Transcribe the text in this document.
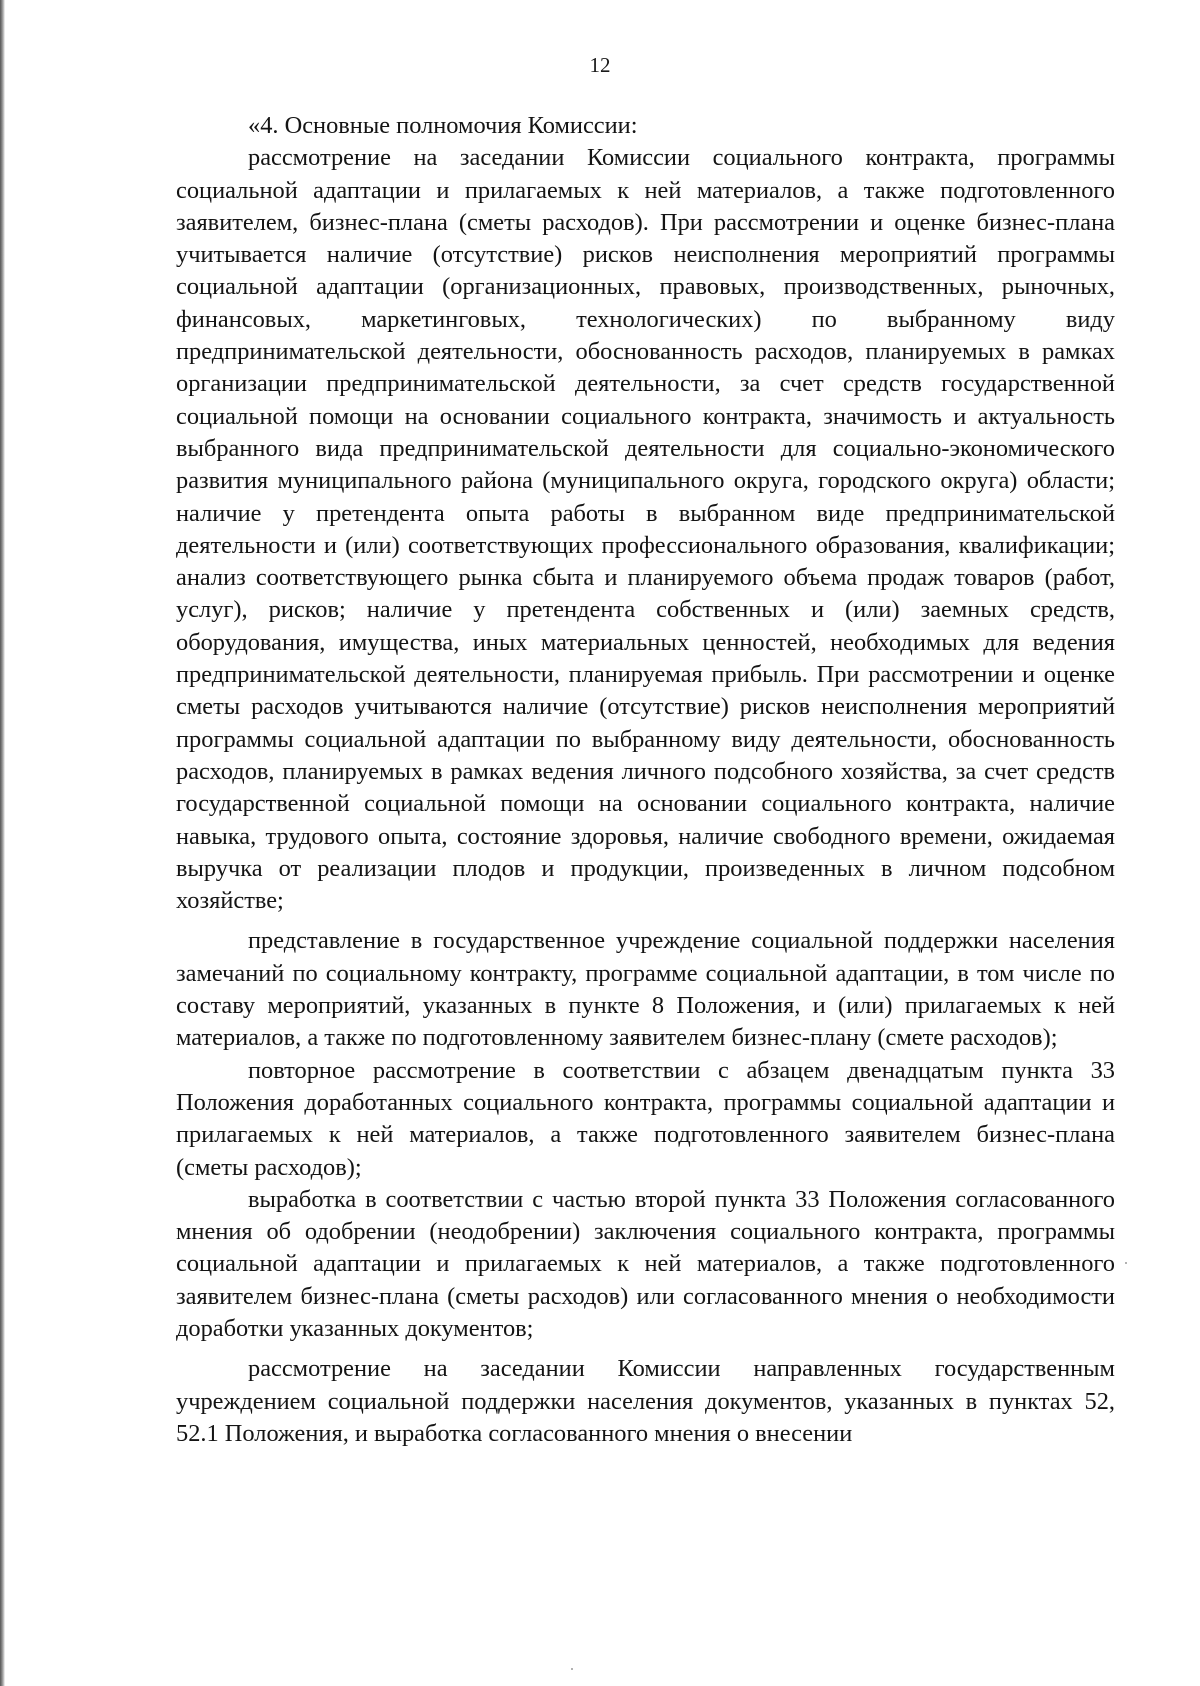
12

«4. Основные полномочия Комиссии:

рассмотрение на заседании Комиссии социального контракта, программы социальной адаптации и прилагаемых к ней материалов, а также подготовленного заявителем, бизнес-плана (сметы расходов). При рассмотрении и оценке бизнес-плана учитывается наличие (отсутствие) рисков неисполнения мероприятий программы социальной адаптации (организационных, правовых, производственных, рыночных, финансовых, маркетинговых, технологических) по выбранному виду предпринимательской деятельности, обоснованность расходов, планируемых в рамках организации предпринимательской деятельности, за счет средств государственной социальной помощи на основании социального контракта, значимость и актуальность выбранного вида предпринимательской деятельности для социально-экономического развития муниципального района (муниципального округа, городского округа) области; наличие у претендента опыта работы в выбранном виде предпринимательской деятельности и (или) соответствующих профессионального образования, квалификации; анализ соответствующего рынка сбыта и планируемого объема продаж товаров (работ, услуг), рисков; наличие у претендента собственных и (или) заемных средств, оборудования, имущества, иных материальных ценностей, необходимых для ведения предпринимательской деятельности, планируемая прибыль. При рассмотрении и оценке сметы расходов учитываются наличие (отсутствие) рисков неисполнения мероприятий программы социальной адаптации по выбранному виду деятельности, обоснованность расходов, планируемых в рамках ведения личного подсобного хозяйства, за счет средств государственной социальной помощи на основании социального контракта, наличие навыка, трудового опыта, состояние здоровья, наличие свободного времени, ожидаемая выручка от реализации плодов и продукции, произведенных в личном подсобном хозяйстве;

представление в государственное учреждение социальной поддержки населения замечаний по социальному контракту, программе социальной адаптации, в том числе по составу мероприятий, указанных в пункте 8 Положения, и (или) прилагаемых к ней материалов, а также по подготовленному заявителем бизнес-плану (смете расходов);

повторное рассмотрение в соответствии с абзацем двенадцатым пункта 33 Положения доработанных социального контракта, программы социальной адаптации и прилагаемых к ней материалов, а также подготовленного заявителем бизнес-плана (сметы расходов);

выработка в соответствии с частью второй пункта 33 Положения согласованного мнения об одобрении (неодобрении) заключения социального контракта, программы социальной адаптации и прилагаемых к ней материалов, а также подготовленного заявителем бизнес-плана (сметы расходов) или согласованного мнения о необходимости доработки указанных документов;

рассмотрение на заседании Комиссии направленных государственным учреждением социальной поддержки населения документов, указанных в пунктах 52, 52.1 Положения, и выработка согласованного мнения о внесении
